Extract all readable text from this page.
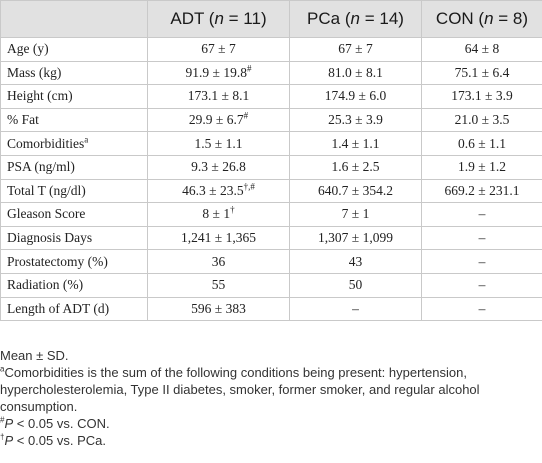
	ADT (n = 11)	PCa (n = 14)	CON (n = 8)
Age (y)	67 ± 7	67 ± 7	64 ± 8
Mass (kg)	91.9 ± 19.8#	81.0 ± 8.1	75.1 ± 6.4
Height (cm)	173.1 ± 8.1	174.9 ± 6.0	173.1 ± 3.9
% Fat	29.9 ± 6.7#	25.3 ± 3.9	21.0 ± 3.5
Comorbidities$^a$	1.5 ± 1.1	1.4 ± 1.1	0.6 ± 1.1
PSA (ng/ml)	9.3 ± 26.8	1.6 ± 2.5	1.9 ± 1.2
Total T (ng/dl)	46.3 ± 23.5†,#	640.7 ± 354.2	669.2 ± 231.1
Gleason Score	8 ± 1†	7 ± 1	–
Diagnosis Days	1,241 ± 1,365	1,307 ± 1,099	–
Prostatectomy (%)	36	43	–
Radiation (%)	55	50	–
Length of ADT (d)	596 ± 383	–	–

Mean ± SD.

$^a$Comorbidities is the sum of the following conditions being present: hypertension, hypercholesterolemia, Type II diabetes, smoker, former smoker, and regular alcohol consumption.

#P < 0.05 vs. CON.

†P < 0.05 vs. PCa.
